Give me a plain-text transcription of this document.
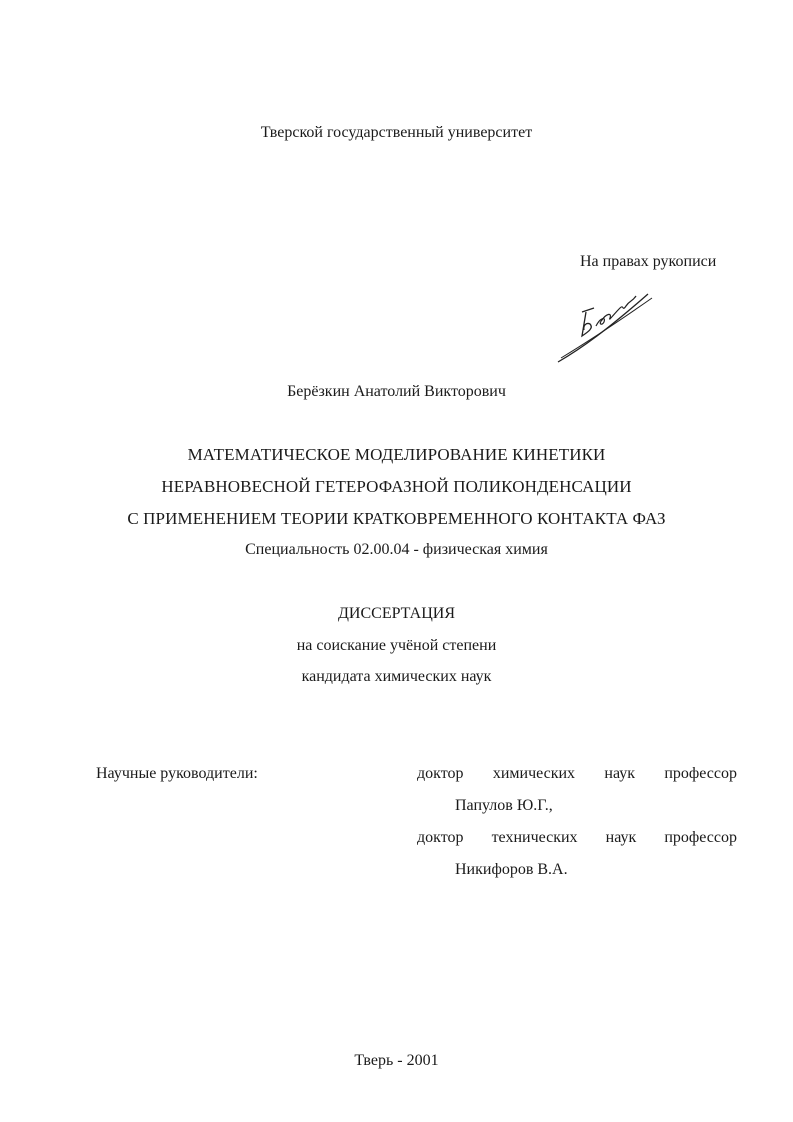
Тверской государственный университет
На правах рукописи
Березин
Берёзкин Анатолий Викторович
МАТЕМАТИЧЕСКОЕ МОДЕЛИРОВАНИЕ КИНЕТИКИ
НЕРАВНОВЕСНОЙ ГЕТЕРОФАЗНОЙ ПОЛИКОНДЕНСАЦИИ
С ПРИМЕНЕНИЕМ ТЕОРИИ КРАТКОВРЕМЕННОГО КОНТАКТА ФАЗ
Специальность 02.00.04 - физическая химия
ДИССЕРТАЦИЯ
на соискание учёной степени
кандидата химических наук
Научные руководители:	доктор химических наук профессор
Папулов Ю.Г.,
доктор технических наук профессор
Никифоров В.А.
Тверь - 2001
